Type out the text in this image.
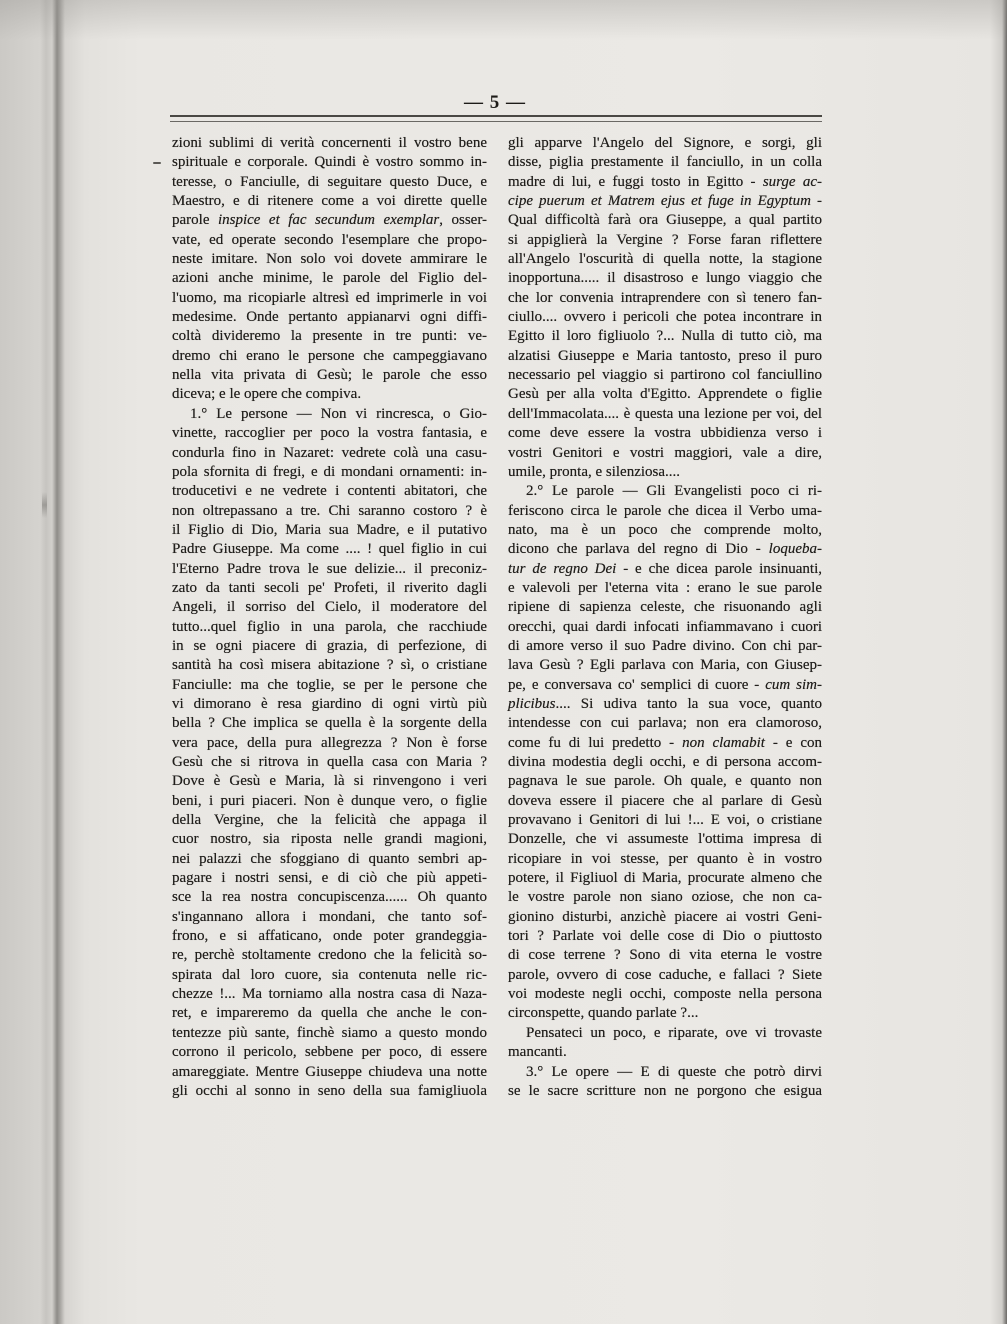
— 5 —
zioni sublimi di verità concernenti il vostro bene
spirituale e corporale. Quindi è vostro sommo in-
teresse, o Fanciulle, di seguitare questo Duce, e
Maestro, e di ritenere come a voi dirette quelle
parole inspice et fac secundum exemplar, osser-
vate, ed operate secondo l'esemplare che propo-
neste imitare. Non solo voi dovete ammirare le
azioni anche minime, le parole del Figlio del-
l'uomo, ma ricopiarle altresì ed imprimerle in voi
medesime. Onde pertanto appianarvi ogni diffi-
coltà divideremo la presente in tre punti: ve-
dremo chi erano le persone che campeggiavano
nella vita privata di Gesù; le parole che esso
diceva; e le opere che compiva.
1.° Le persone — Non vi rincresca, o Gio-
vinette, raccoglier per poco la vostra fantasia, e
condurla fino in Nazaret: vedrete colà una casu-
pola sfornita di fregi, e di mondani ornamenti: in-
troducetivi e ne vedrete i contenti abitatori, che
non oltrepassano a tre. Chi saranno costoro ? è
il Figlio di Dio, Maria sua Madre, e il putativo
Padre Giuseppe. Ma come .... ! quel figlio in cui
l'Eterno Padre trova le sue delizie... il preconiz-
zato da tanti secoli pe' Profeti, il riverito dagli
Angeli, il sorriso del Cielo, il moderatore del
tutto...quel figlio in una parola, che racchiude
in se ogni piacere di grazia, di perfezione, di
santità ha così misera abitazione ? sì, o cristiane
Fanciulle: ma che toglie, se per le persone che
vi dimorano è resa giardino di ogni virtù più
bella ? Che implica se quella è la sorgente della
vera pace, della pura allegrezza ? Non è forse
Gesù che si ritrova in quella casa con Maria ?
Dove è Gesù e Maria, là si rinvengono i veri
beni, i puri piaceri. Non è dunque vero, o figlie
della Vergine, che la felicità che appaga il
cuor nostro, sia riposta nelle grandi magioni,
nei palazzi che sfoggiano di quanto sembri ap-
pagare i nostri sensi, e di ciò che più appeti-
sce la rea nostra concupiscenza...... Oh quanto
s'ingannano allora i mondani, che tanto sof-
frono, e si affaticano, onde poter grandeggia-
re, perchè stoltamente credono che la felicità so-
spirata dal loro cuore, sia contenuta nelle ric-
chezze !... Ma torniamo alla nostra casa di Naza-
ret, e impareremo da quella che anche le con-
tentezze più sante, finchè siamo a questo mondo
corrono il pericolo, sebbene per poco, di essere
amareggiate. Mentre Giuseppe chiudeva una notte
gli occhi al sonno in seno della sua famigliuola
gli apparve l'Angelo del Signore, e sorgi, gli
disse, piglia prestamente il fanciullo, in un colla
madre di lui, e fuggi tosto in Egitto - surge ac-
cipe puerum et Matrem ejus et fuge in Egyptum -
Qual difficoltà farà ora Giuseppe, a qual partito
si appiglierà la Vergine ? Forse faran riflettere
all'Angelo l'oscurità di quella notte, la stagione
inopportuna..... il disastroso e lungo viaggio che
che lor convenia intraprendere con sì tenero fan-
ciullo.... ovvero i pericoli che potea incontrare in
Egitto il loro figliuolo ?... Nulla di tutto ciò, ma
alzatisi Giuseppe e Maria tantosto, preso il puro
necessario pel viaggio si partirono col fanciullino
Gesù per alla volta d'Egitto. Apprendete o figlie
dell'Immacolata.... è questa una lezione per voi, del
come deve essere la vostra ubbidienza verso i
vostri Genitori e vostri maggiori, vale a dire,
umile, pronta, e silenziosa....
2.° Le parole — Gli Evangelisti poco ci ri-
feriscono circa le parole che dicea il Verbo uma-
nato, ma è un poco che comprende molto,
dicono che parlava del regno di Dio - loqueba-
tur de regno Dei - e che dicea parole insinuanti,
e valevoli per l'eterna vita : erano le sue parole
ripiene di sapienza celeste, che risuonando agli
orecchi, quai dardi infocati infiammavano i cuori
di amore verso il suo Padre divino. Con chi par-
lava Gesù ? Egli parlava con Maria, con Giusep-
pe, e conversava co' semplici di cuore - cum sim-
plicibus.... Si udiva tanto la sua voce, quanto
intendesse con cui parlava; non era clamoroso,
come fu di lui predetto - non clamabit - e con
divina modestia degli occhi, e di persona accom-
pagnava le sue parole. Oh quale, e quanto non
doveva essere il piacere che al parlare di Gesù
provavano i Genitori di lui !... E voi, o cristiane
Donzelle, che vi assumeste l'ottima impresa di
ricopiare in voi stesse, per quanto è in vostro
potere, il Figliuol di Maria, procurate almeno che
le vostre parole non siano oziose, che non ca-
gionino disturbi, anzichè piacere ai vostri Geni-
tori ? Parlate voi delle cose di Dio o piuttosto
di cose terrene ? Sono di vita eterna le vostre
parole, ovvero di cose caduche, e fallaci ? Siete
voi modeste negli occhi, composte nella persona
circonspette, quando parlate ?...
Pensateci un poco, e riparate, ove vi trovaste
mancanti.
3.° Le opere — E di queste che potrò dirvi
se le sacre scritture non ne porgono che esigua
